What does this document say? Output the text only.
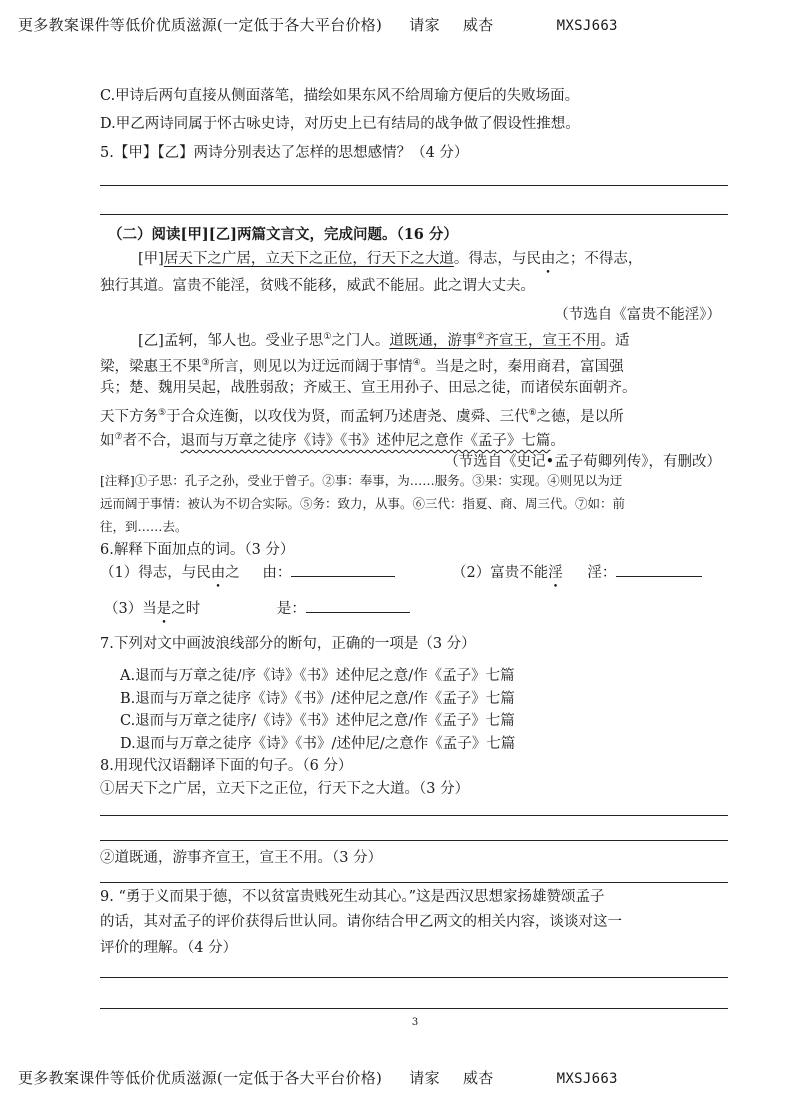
更多教案课件等低价优质滋源(一定低于各大平台价格) 请家 威杏	MXSJ663
C.甲诗后两句直接从侧面落笔，描绘如果东风不给周瑜方便后的失败场面。
D.甲乙两诗同属于怀古咏史诗，对历史上已有结局的战争做了假设性推想。
5.【甲】【乙】两诗分别表达了怎样的思想感情？（4 分）
（二）阅读[甲][乙]两篇文言文，完成问题。（16 分）
[甲]居天下之广居，立天下之正位，行天下之大道。得志，与民由之；不得志，
独行其道。富贵不能淫，贫贱不能移，威武不能屈。此之谓大丈夫。
（节选自《富贵不能淫》）
[乙]孟轲，邹人也。受业子思①之门人。道既通，游事②齐宣王，宣王不用。适
梁，梁惠王不果③所言，则见以为迂远而阔于事情④。当是之时，秦用商君，富国强
兵；楚、魏用吴起，战胜弱敌；齐威王、宣王用孙子、田忌之徒，而诸侯东面朝齐。
天下方务⑤于合众连衡，以攻伐为贤，而孟轲乃述唐尧、虞舜、三代⑥之德，是以所
如⑦者不合，退而与万章之徒序《诗》《书》述仲尼之意作《孟子》七篇。
（节选自《史记•孟子荀卿列传》，有删改）
[注释]①子思：孔子之孙，受业于曾子。②事：奉事，为……服务。③果：实现。④则见以为迂
远而阔于事情：被认为不切合实际。⑤务：致力，从事。⑥三代：指夏、商、周三代。⑦如：前
往，到……去。
6.解释下面加点的词。（3 分）
（1）得志，与民由之 由：	（2）富贵不能淫 淫：
（3）当是之时	是：
7.下列对文中画波浪线部分的断句，正确的一项是（3 分）
A.退而与万章之徒/序《诗》《书》述仲尼之意/作《孟子》七篇
B.退而与万章之徒序《诗》《书》/述仲尼之意/作《孟子》七篇
C.退而与万章之徒序/《诗》《书》述仲尼之意/作《孟子》七篇
D.退而与万章之徒序《诗》《书》/述仲尼/之意作《孟子》七篇
8.用现代汉语翻译下面的句子。（6 分）
①居天下之广居，立天下之正位，行天下之大道。（3 分）
②道既通，游事齐宣王，宣王不用。（3 分）
9. “勇于义而果于德，不以贫富贵贱死生动其心。”这是西汉思想家扬雄赞颂孟子
的话，其对孟子的评价获得后世认同。请你结合甲乙两文的相关内容，谈谈对这一
评价的理解。（4 分）
3
更多教案课件等低价优质滋源(一定低于各大平台价格) 请家 威杏	MXSJ663
